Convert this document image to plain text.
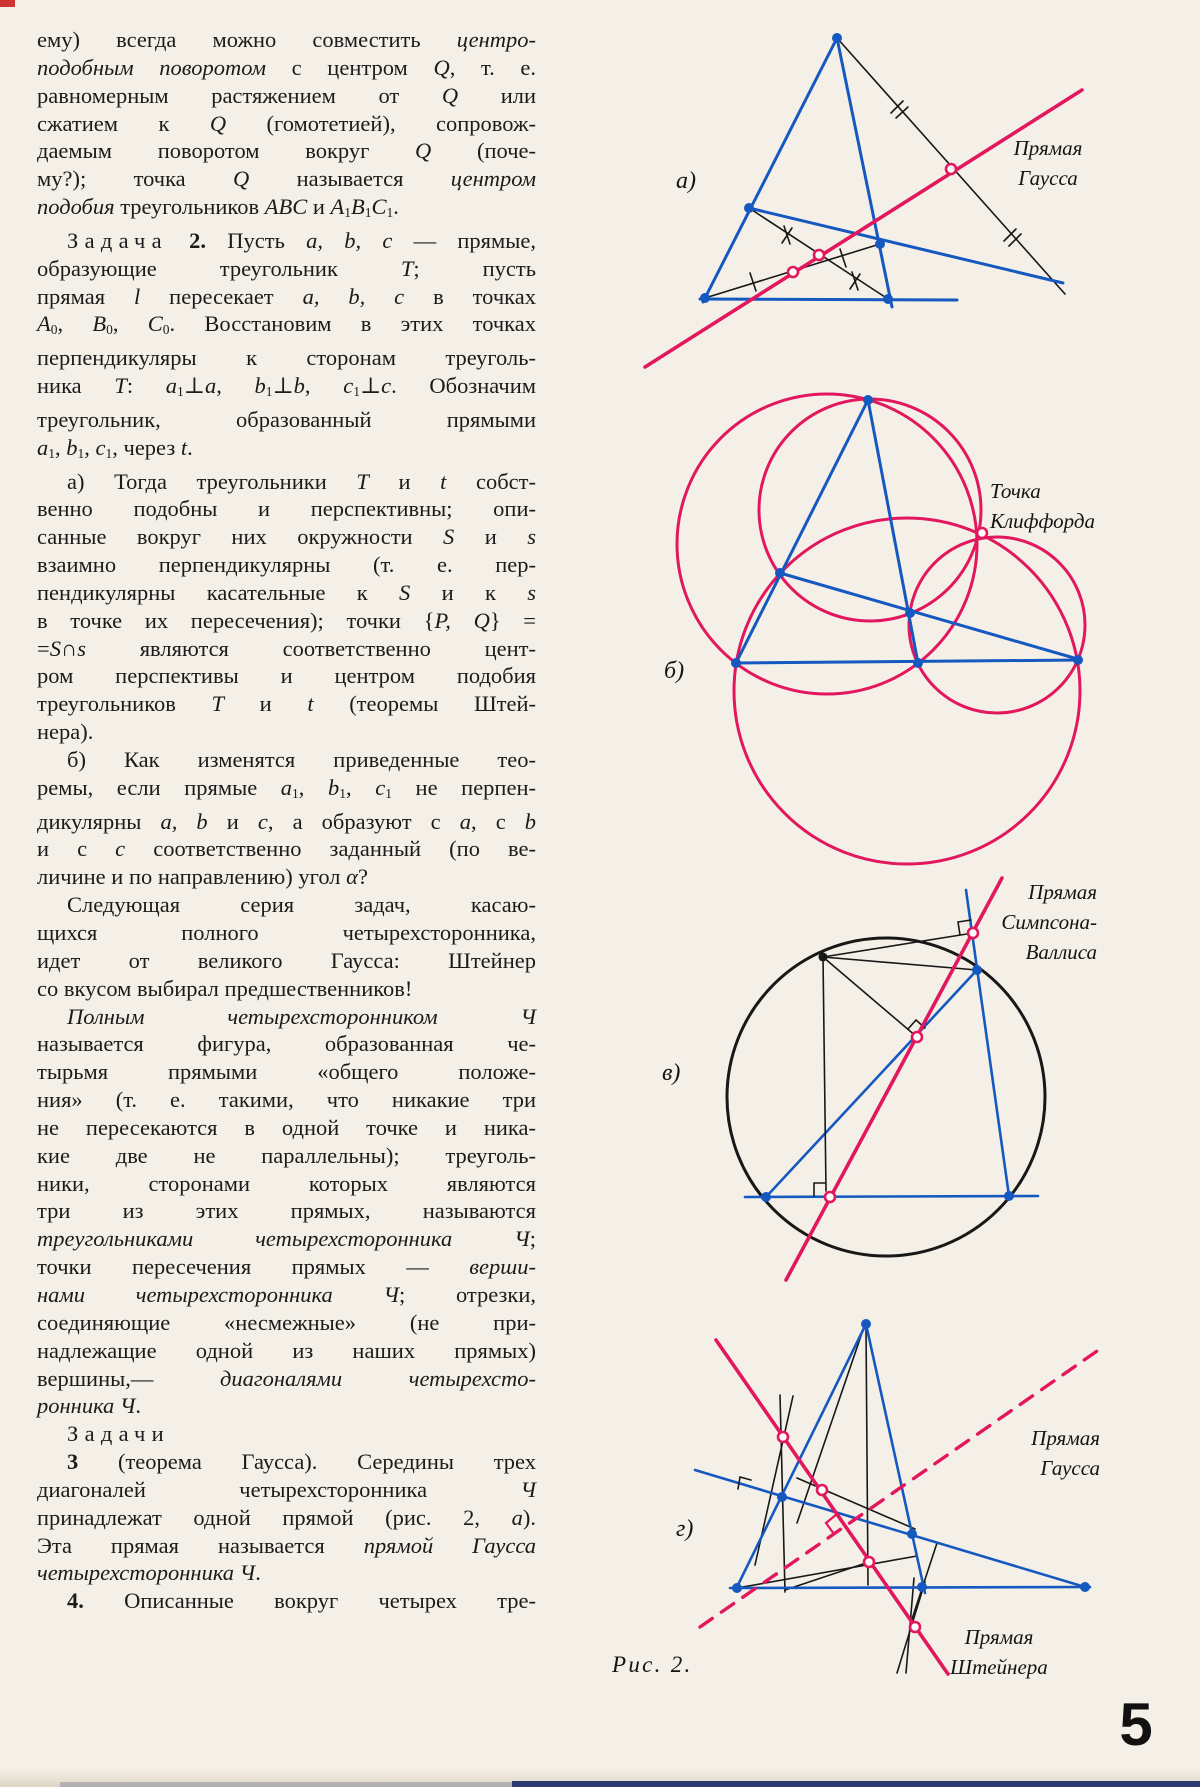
ему) всегда можно совместить центро-
подобным поворотом с центром Q, т. е.
равномерным растяжением от Q или
сжатием к Q (гомотетией), сопровож-
даемым поворотом вокруг Q (поче-
му?); точка Q называется центром
подобия треугольников ABC и $A_1B_1C_1$.
Задача 2. Пусть a, b, c — прямые,
образующие треугольник T; пусть
прямая l пересекает a, b, c в точках
$A_0$, $B_0$, $C_0$. Восстановим в этих точках
перпендикуляры к сторонам треуголь-
ника T: $a_1\perp a$, $b_1\perp b$, $c_1\perp c$. Обозначим
треугольник, образованный прямыми
$a_1$, $b_1$, $c_1$, через t.
а) Тогда треугольники T и t собст-
венно подобны и перспективны; опи-
санные вокруг них окружности S и s
взаимно перпендикулярны (т. е. пер-
пендикулярны касательные к S и к s
в точке их пересечения); точки {P, Q} =
=S∩s являются соответственно цент-
ром перспективы и центром подобия
треугольников T и t (теоремы Штей-
нера).
б) Как изменятся приведенные тео-
ремы, если прямые $a_1$, $b_1$, $c_1$ не перпен-
дикулярны a, b и c, а образуют с a, с b
и с c соответственно заданный (по ве-
личине и по направлению) угол α?
Следующая серия задач, касаю-
щихся полного четырехсторонника,
идет от великого Гаусса: Штейнер
со вкусом выбирал предшественников!
Полным четырехсторонником Ч
называется фигура, образованная че-
тырьмя прямыми «общего положе-
ния» (т. е. такими, что никакие три
не пересекаются в одной точке и ника-
кие две не параллельны); треуголь-
ники, сторонами которых являются
три из этих прямых, называются
треугольниками четырехсторонника Ч;
точки пересечения прямых — верши-
нами четырехсторонника Ч; отрезки,
соединяющие «несмежные» (не при-
надлежащие одной из наших прямых)
вершины,— диагоналями четырехсто-
ронника Ч.
Задачи
3 (теорема Гаусса). Середины трех
диагоналей четырехсторонника Ч
принадлежат одной прямой (рис. 2, а).
Эта прямая называется прямой Гаусса
четырехсторонника Ч.
4. Описанные вокруг четырех тре-
а)
Прямая
Гаусса
б)
Точка
Клиффорда
в)
Прямая
Симпсона-
Валлиса
г)
Прямая
Гаусса
Прямая
Штейнера
Рис. 2.
5
